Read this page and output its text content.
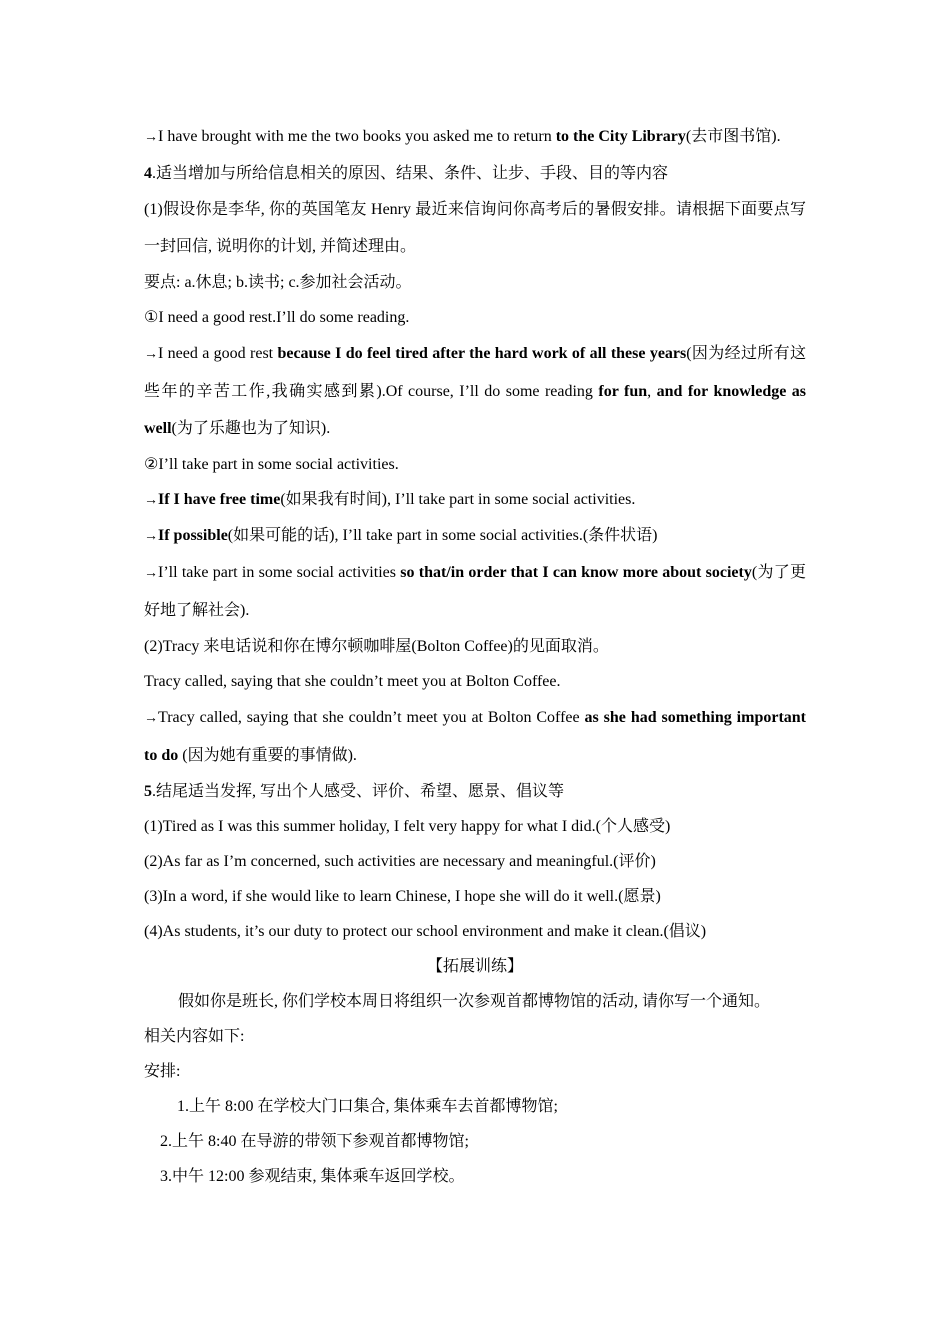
→I have brought with me the two books you asked me to return to the City Library(去市图书馆).
4.适当增加与所给信息相关的原因、结果、条件、让步、手段、目的等内容
(1)假设你是李华, 你的英国笔友 Henry 最近来信询问你高考后的暑假安排。请根据下面要点写一封回信, 说明你的计划, 并简述理由。
要点: a.休息; b.读书; c.参加社会活动。
①I need a good rest.I’ll do some reading.
→I need a good rest because I do feel tired after the hard work of all these years(因为经过所有这些年的辛苦工作,我确实感到累).Of course, I’ll do some reading for fun, and for knowledge as well(为了乐趣也为了知识).
②I’ll take part in some social activities.
→If I have free time(如果我有时间), I’ll take part in some social activities.
→If possible(如果可能的话), I’ll take part in some social activities.(条件状语)
→I’ll take part in some social activities so that/in order that I can know more about society(为了更好地了解社会).
(2)Tracy 来电话说和你在博尔顿咖啡屋(Bolton Coffee)的见面取消。
Tracy called, saying that she couldn’t meet you at Bolton Coffee.
→Tracy called, saying that she couldn’t meet you at Bolton Coffee as she had something important to do (因为她有重要的事情做).
5.结尾适当发挥, 写出个人感受、评价、希望、愿景、倡议等
(1)Tired as I was this summer holiday, I felt very happy for what I did.(个人感受)
(2)As far as I’m concerned, such activities are necessary and meaningful.(评价)
(3)In a word, if she would like to learn Chinese, I hope she will do it well.(愿景)
(4)As students, it’s our duty to protect our school environment and make it clean.(倡议)
【拓展训练】
假如你是班长, 你们学校本周日将组织一次参观首都博物馆的活动, 请你写一个通知。
相关内容如下:
安排:
1.上午 8:00 在学校大门口集合, 集体乘车去首都博物馆;
2.上午 8:40 在导游的带领下参观首都博物馆;
3.中午 12:00 参观结束, 集体乘车返回学校。
